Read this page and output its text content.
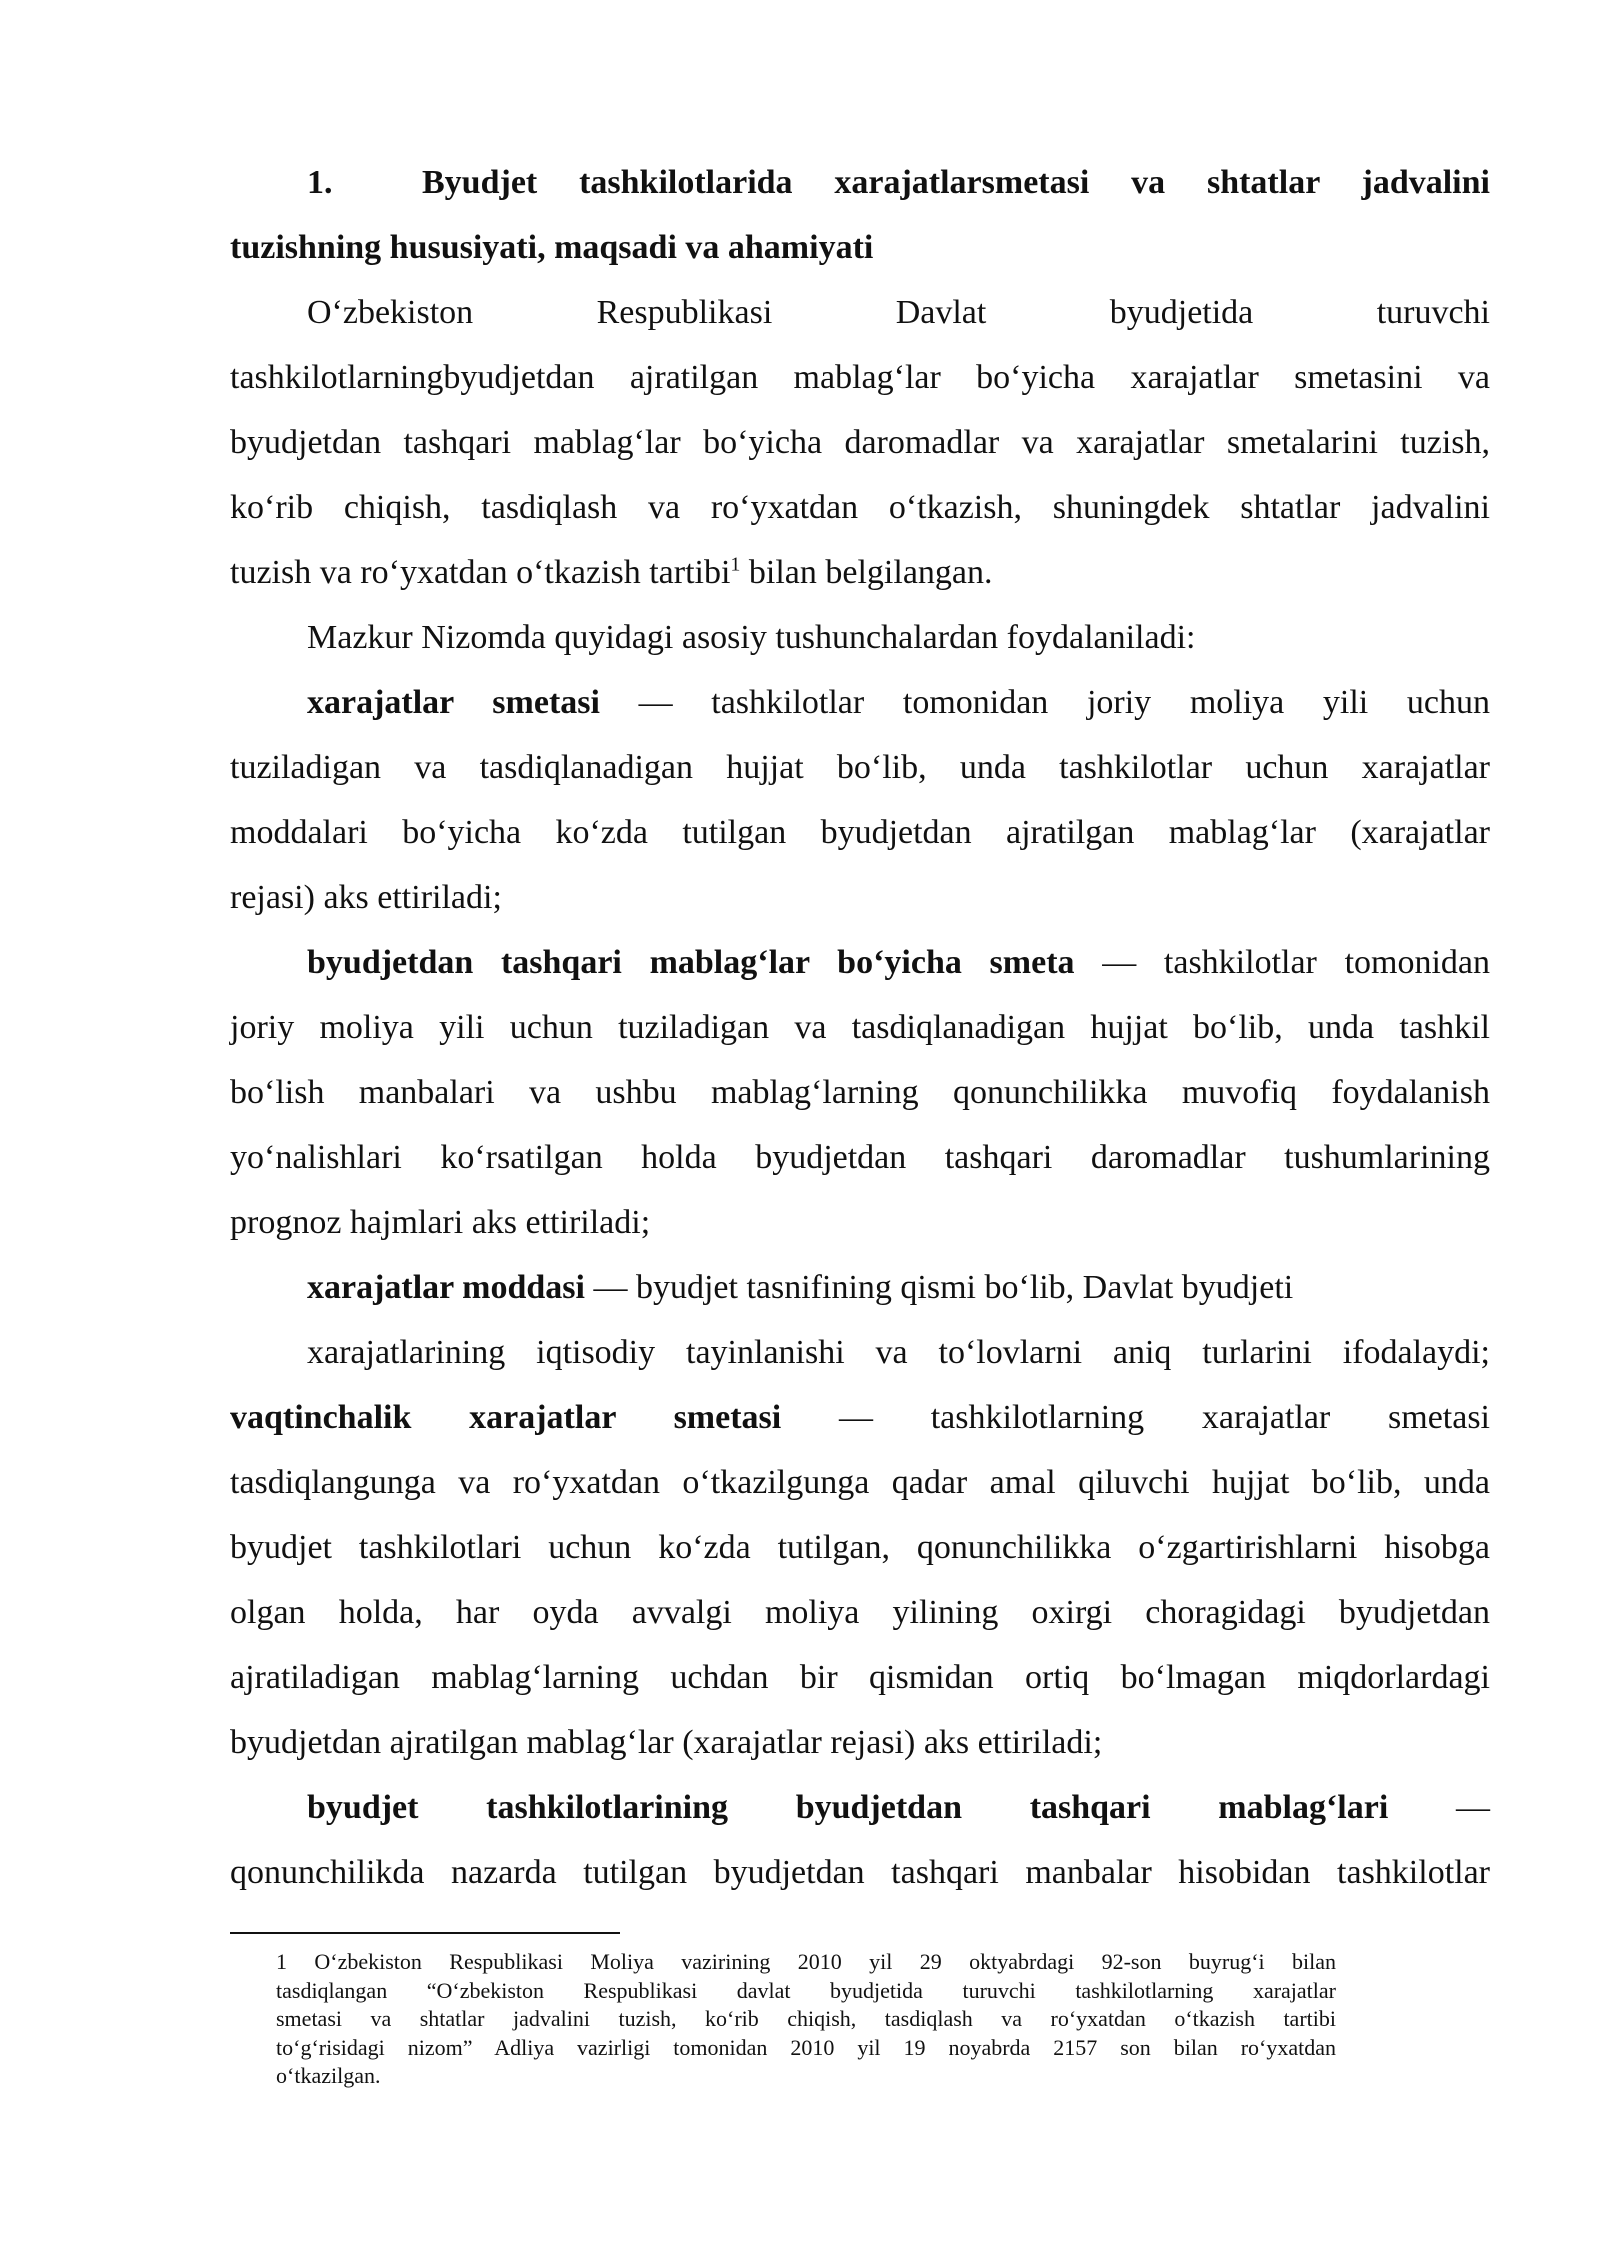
1.	Byudjet tashkilotlarida xarajatlarsmetasi va shtatlar jadvalini
tuzishning hususiyati, maqsadi va ahamiyati
O‘zbekiston Respublikasi Davlat byudjetida turuvchi
tashkilotlarningbyudjetdan ajratilgan mablag‘lar bo‘yicha xarajatlar smetasini va
byudjetdan tashqari mablag‘lar bo‘yicha daromadlar va xarajatlar smetalarini tuzish,
ko‘rib chiqish, tasdiqlash va ro‘yxatdan o‘tkazish, shuningdek shtatlar jadvalini
tuzish va ro‘yxatdan o‘tkazish tartibi$^1$ bilan belgilangan.
Mazkur Nizomda quyidagi asosiy tushunchalardan foydalaniladi:
xarajatlar smetasi — tashkilotlar tomonidan joriy moliya yili uchun
tuziladigan va tasdiqlanadigan hujjat bo‘lib, unda tashkilotlar uchun xarajatlar
moddalari bo‘yicha ko‘zda tutilgan byudjetdan ajratilgan mablag‘lar (xarajatlar
rejasi) aks ettiriladi;
byudjetdan tashqari mablag‘lar bo‘yicha smeta — tashkilotlar tomonidan
joriy moliya yili uchun tuziladigan va tasdiqlanadigan hujjat bo‘lib, unda tashkil
bo‘lish manbalari va ushbu mablag‘larning qonunchilikka muvofiq foydalanish
yo‘nalishlari ko‘rsatilgan holda byudjetdan tashqari daromadlar tushumlarining
prognoz hajmlari aks ettiriladi;
xarajatlar moddasi — byudjet tasnifining qismi bo‘lib, Davlat byudjeti
xarajatlarining iqtisodiy tayinlanishi va to‘lovlarni aniq turlarini ifodalaydi;
vaqtinchalik xarajatlar smetasi — tashkilotlarning xarajatlar smetasi
tasdiqlangunga va ro‘yxatdan o‘tkazilgunga qadar amal qiluvchi hujjat bo‘lib, unda
byudjet tashkilotlari uchun ko‘zda tutilgan, qonunchilikka o‘zgartirishlarni hisobga
olgan holda, har oyda avvalgi moliya yilining oxirgi choragidagi byudjetdan
ajratiladigan mablag‘larning uchdan bir qismidan ortiq bo‘lmagan miqdorlardagi
byudjetdan ajratilgan mablag‘lar (xarajatlar rejasi) aks ettiriladi;
byudjet tashkilotlarining byudjetdan tashqari mablag‘lari —
qonunchilikda nazarda tutilgan byudjetdan tashqari manbalar hisobidan tashkilotlar
1 O‘zbekiston Respublikasi Moliya vazirining 2010 yil 29 oktyabrdagi 92-son buyrug‘i bilan
tasdiqlangan “O‘zbekiston Respublikasi davlat byudjetida turuvchi tashkilotlarning xarajatlar
smetasi va shtatlar jadvalini tuzish, ko‘rib chiqish, tasdiqlash va ro‘yxatdan o‘tkazish tartibi
to‘g‘risidagi nizom” Adliya vazirligi tomonidan 2010 yil 19 noyabrda 2157 son bilan ro‘yxatdan
o‘tkazilgan.
